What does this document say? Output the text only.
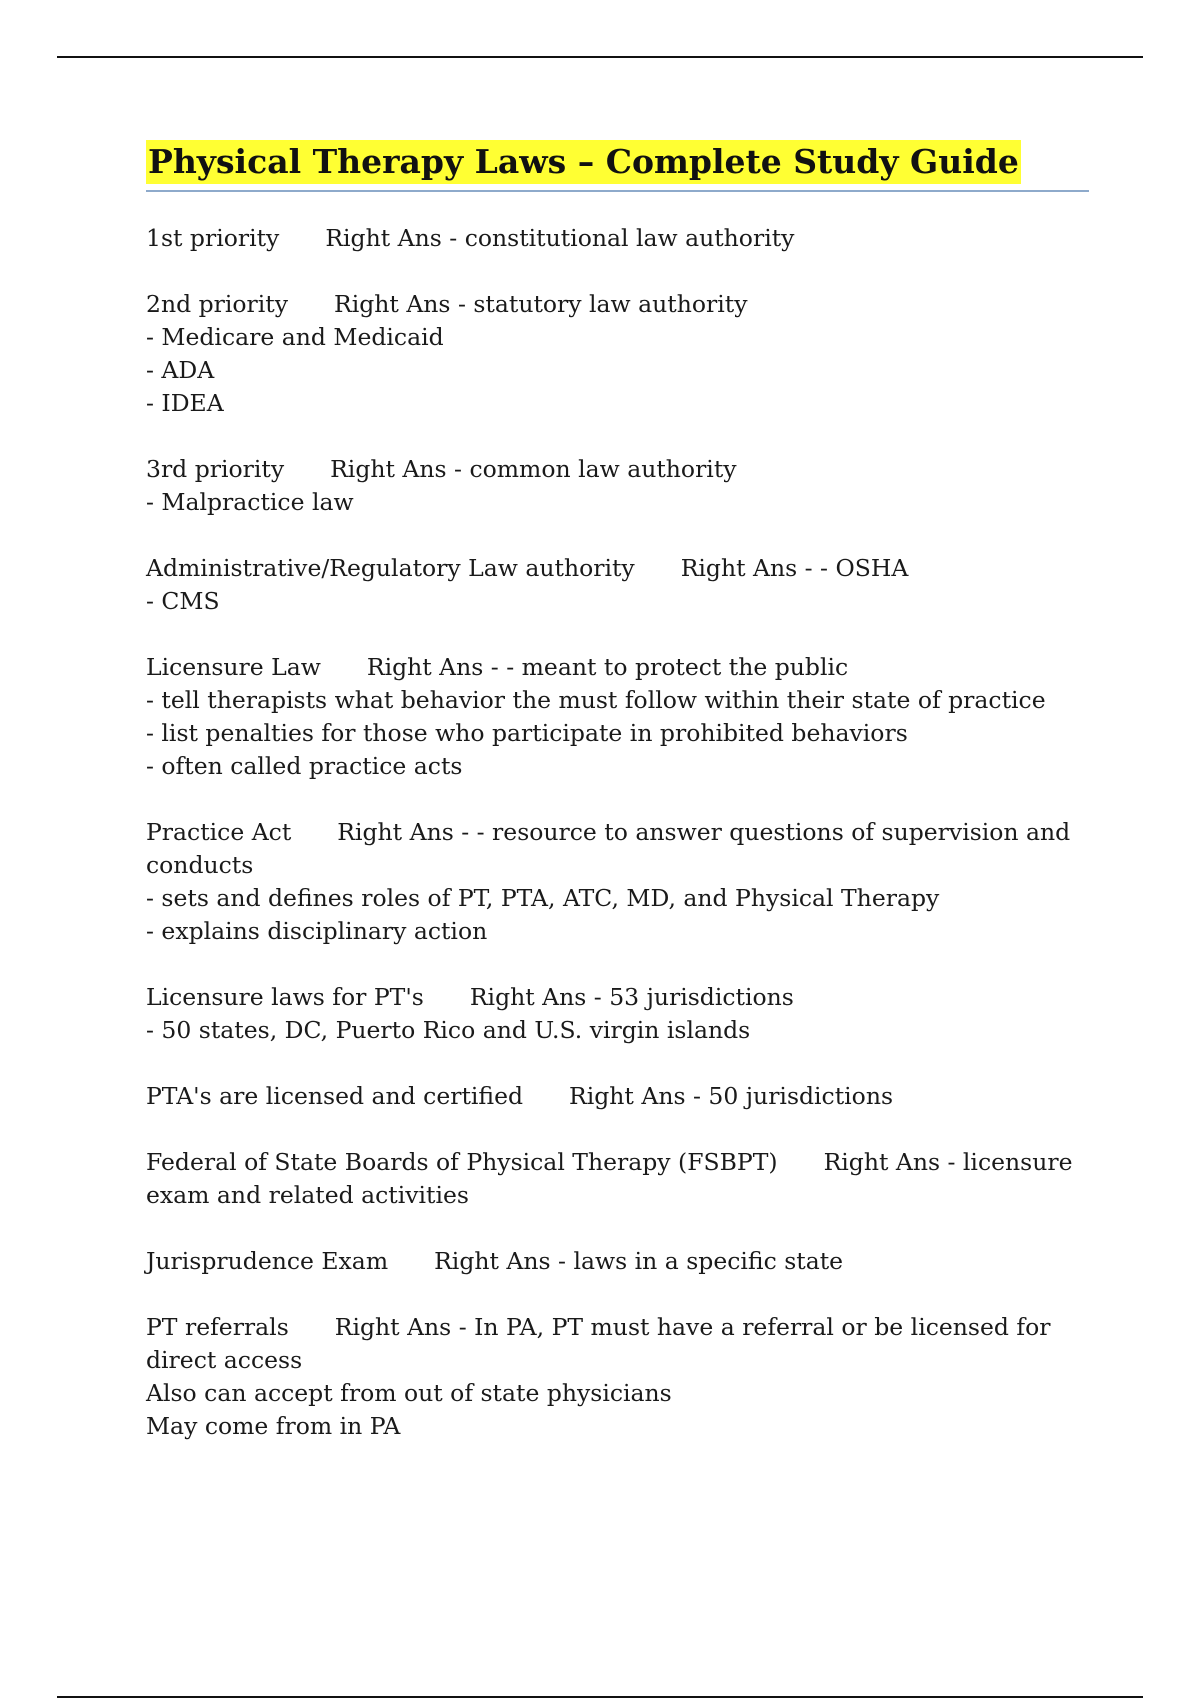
Physical Therapy Laws – Complete Study Guide
1st priority Right Ans - constitutional law authority
2nd priority Right Ans - statutory law authority
- Medicare and Medicaid
- ADA
- IDEA
3rd priority Right Ans - common law authority
- Malpractice law
Administrative/Regulatory Law authority Right Ans - - OSHA
- CMS
Licensure Law Right Ans - - meant to protect the public
- tell therapists what behavior the must follow within their state of practice
- list penalties for those who participate in prohibited behaviors
- often called practice acts
Practice Act Right Ans - - resource to answer questions of supervision and conducts
- sets and defines roles of PT, PTA, ATC, MD, and Physical Therapy
- explains disciplinary action
Licensure laws for PT's Right Ans - 53 jurisdictions
- 50 states, DC, Puerto Rico and U.S. virgin islands
PTA's are licensed and certified Right Ans - 50 jurisdictions
Federal of State Boards of Physical Therapy (FSBPT) Right Ans - licensure exam and related activities
Jurisprudence Exam Right Ans - laws in a specific state
PT referrals Right Ans - In PA, PT must have a referral or be licensed for direct access
Also can accept from out of state physicians
May come from in PA
